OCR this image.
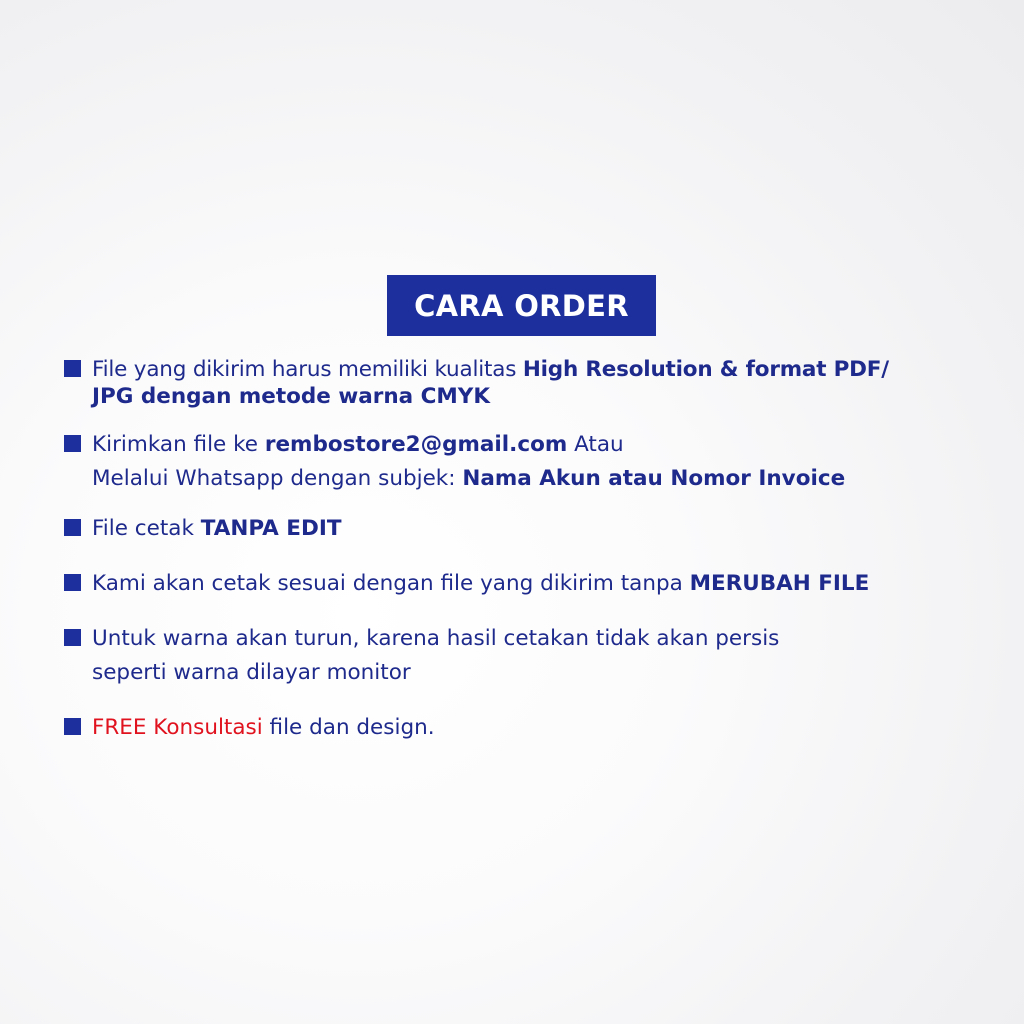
CARA ORDER
File yang dikirim harus memiliki kualitas High Resolution & format PDF/
JPG dengan metode warna CMYK
Kirimkan file ke rembostore2@gmail.com Atau
Melalui Whatsapp dengan subjek: Nama Akun atau Nomor Invoice
File cetak TANPA EDIT
Kami akan cetak sesuai dengan file yang dikirim tanpa MERUBAH FILE
Untuk warna akan turun, karena hasil cetakan tidak akan persis
seperti warna dilayar monitor
FREE Konsultasi file dan design.
